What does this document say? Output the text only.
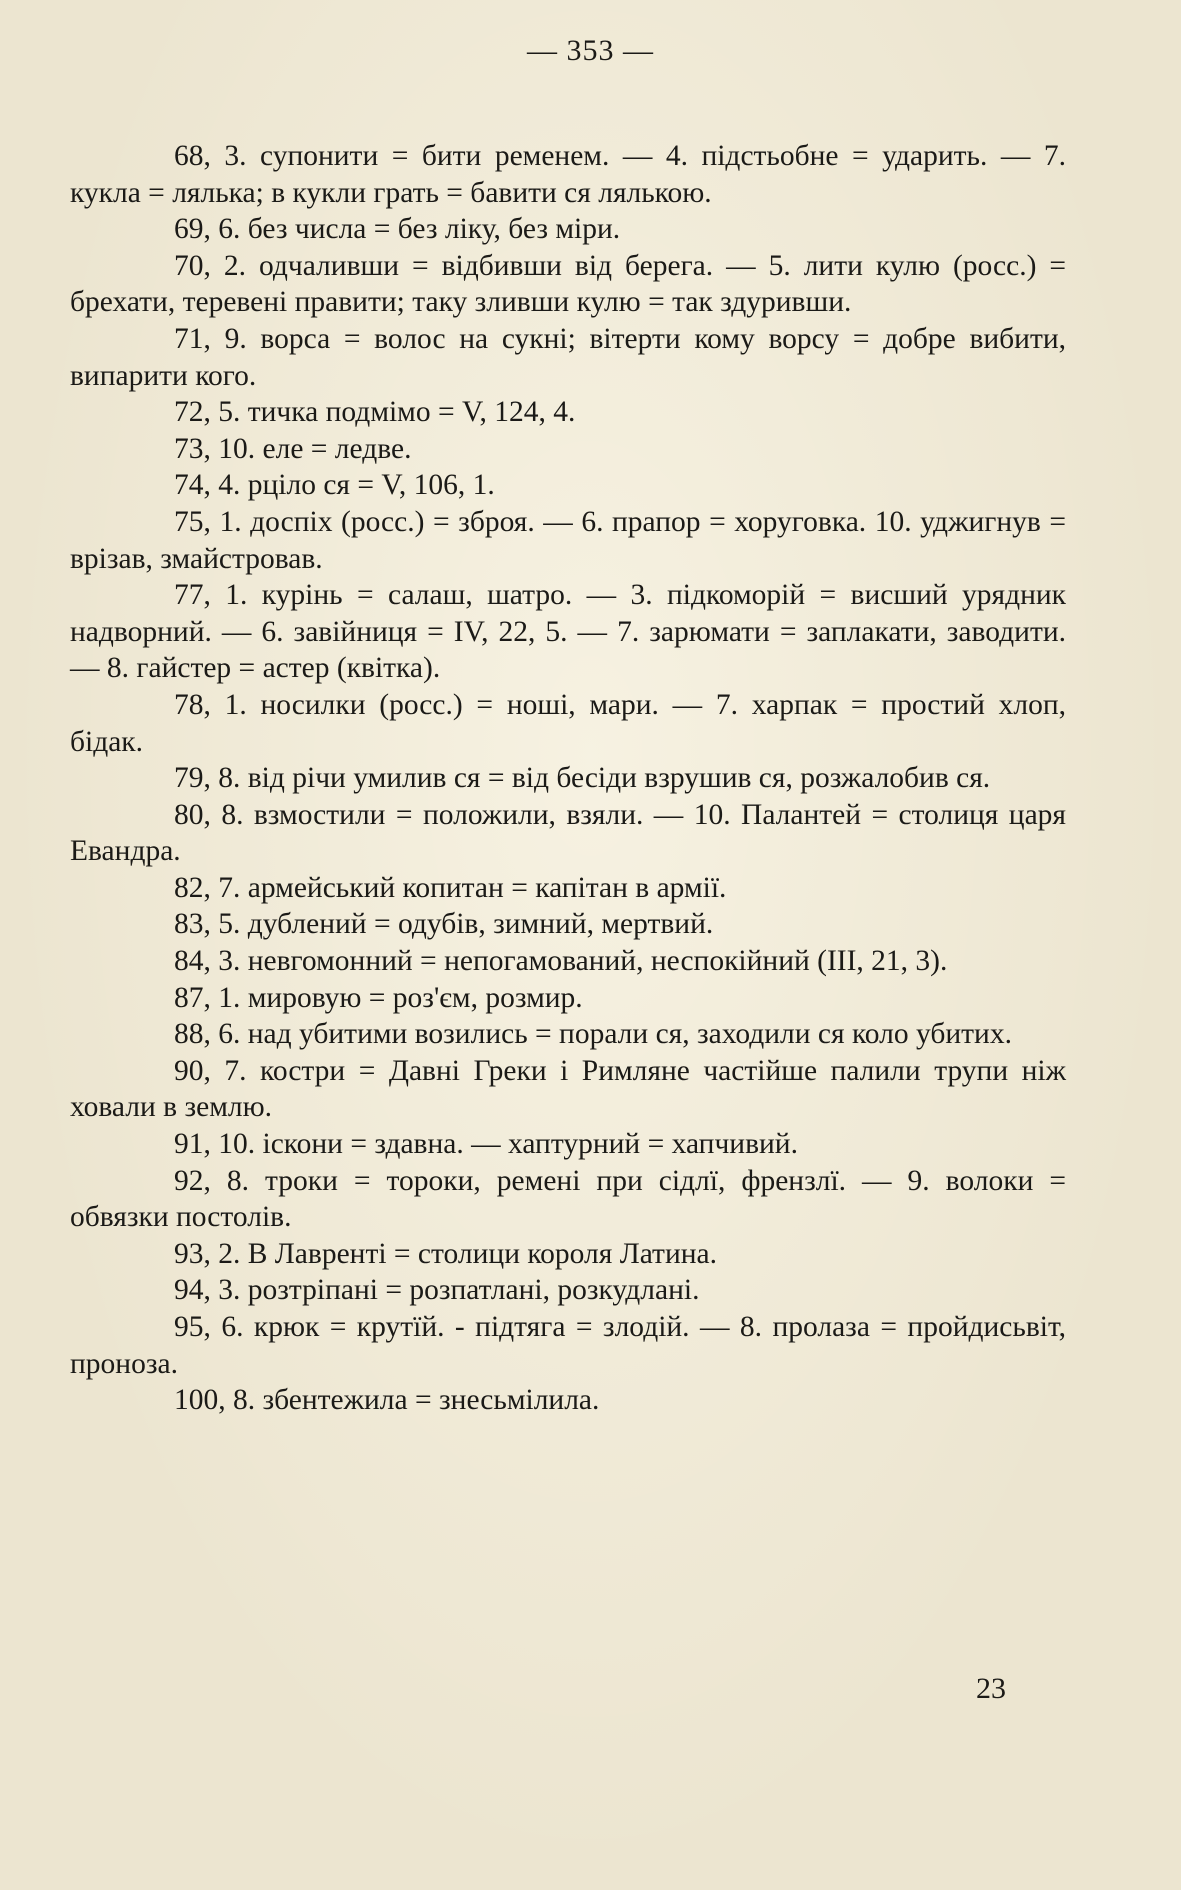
— 353 —

68, 3. супонити = бити ременем. — 4. підстьобне = ударить. — 7. кукла = лялька; в кукли грать = бавити ся лялькою.

69, 6. без числа = без ліку, без міри.

70, 2. одчаливши = відбивши від берега. — 5. лити кулю (росс.) = брехати, теревені правити; таку зливши кулю = так здуривши.

71, 9. ворса = волос на сукні; вітерти кому ворсу = добре вибити, випарити кого.

72, 5. тичка подмімо = V, 124, 4.

73, 10. еле = ледве.

74, 4. рціло ся = V, 106, 1.

75, 1. доспіх (росс.) = зброя. — 6. прапор = хоруговка. 10. уджигнув = врізав, змайстровав.

77, 1. курінь = салаш, шатро. — 3. підкоморій = висший урядник надворний. — 6. завійниця = IV, 22, 5. — 7. зарюмати = заплакати, заводити. — 8. гайстер = астер (квітка).

78, 1. носилки (росс.) = ноші, мари. — 7. харпак = простий хлоп, бідак.

79, 8. від річи умилив ся = від бесіди взрушив ся, розжалобив ся.

80, 8. взмостили = положили, взяли. — 10. Палантей = столиця царя Евандра.

82, 7. армейський копитан = капітан в армії.

83, 5. дублений = одубів, зимний, мертвий.

84, 3. невгомонний = непогамований, неспокійний (III, 21, 3).

87, 1. мировую = роз'єм, розмир.

88, 6. над убитими возились = порали ся, заходили ся коло убитих.

90, 7. костри = Давні Греки і Римляне частійше палили трупи ніж ховали в землю.

91, 10. іскони = здавна. — хаптурний = хапчивий.

92, 8. троки = тороки, ремені при сідлї, френзлї. — 9. волоки = обвязки постолів.

93, 2. В Лавренті = столици короля Латина.

94, 3. розтріпані = розпатлані, розкудлані.

95, 6. крюк = крутїй. - підтяга = злодій. — 8. пролаза = пройдисьвіт, проноза.

100, 8. збентежила = знесьмілила.

23
